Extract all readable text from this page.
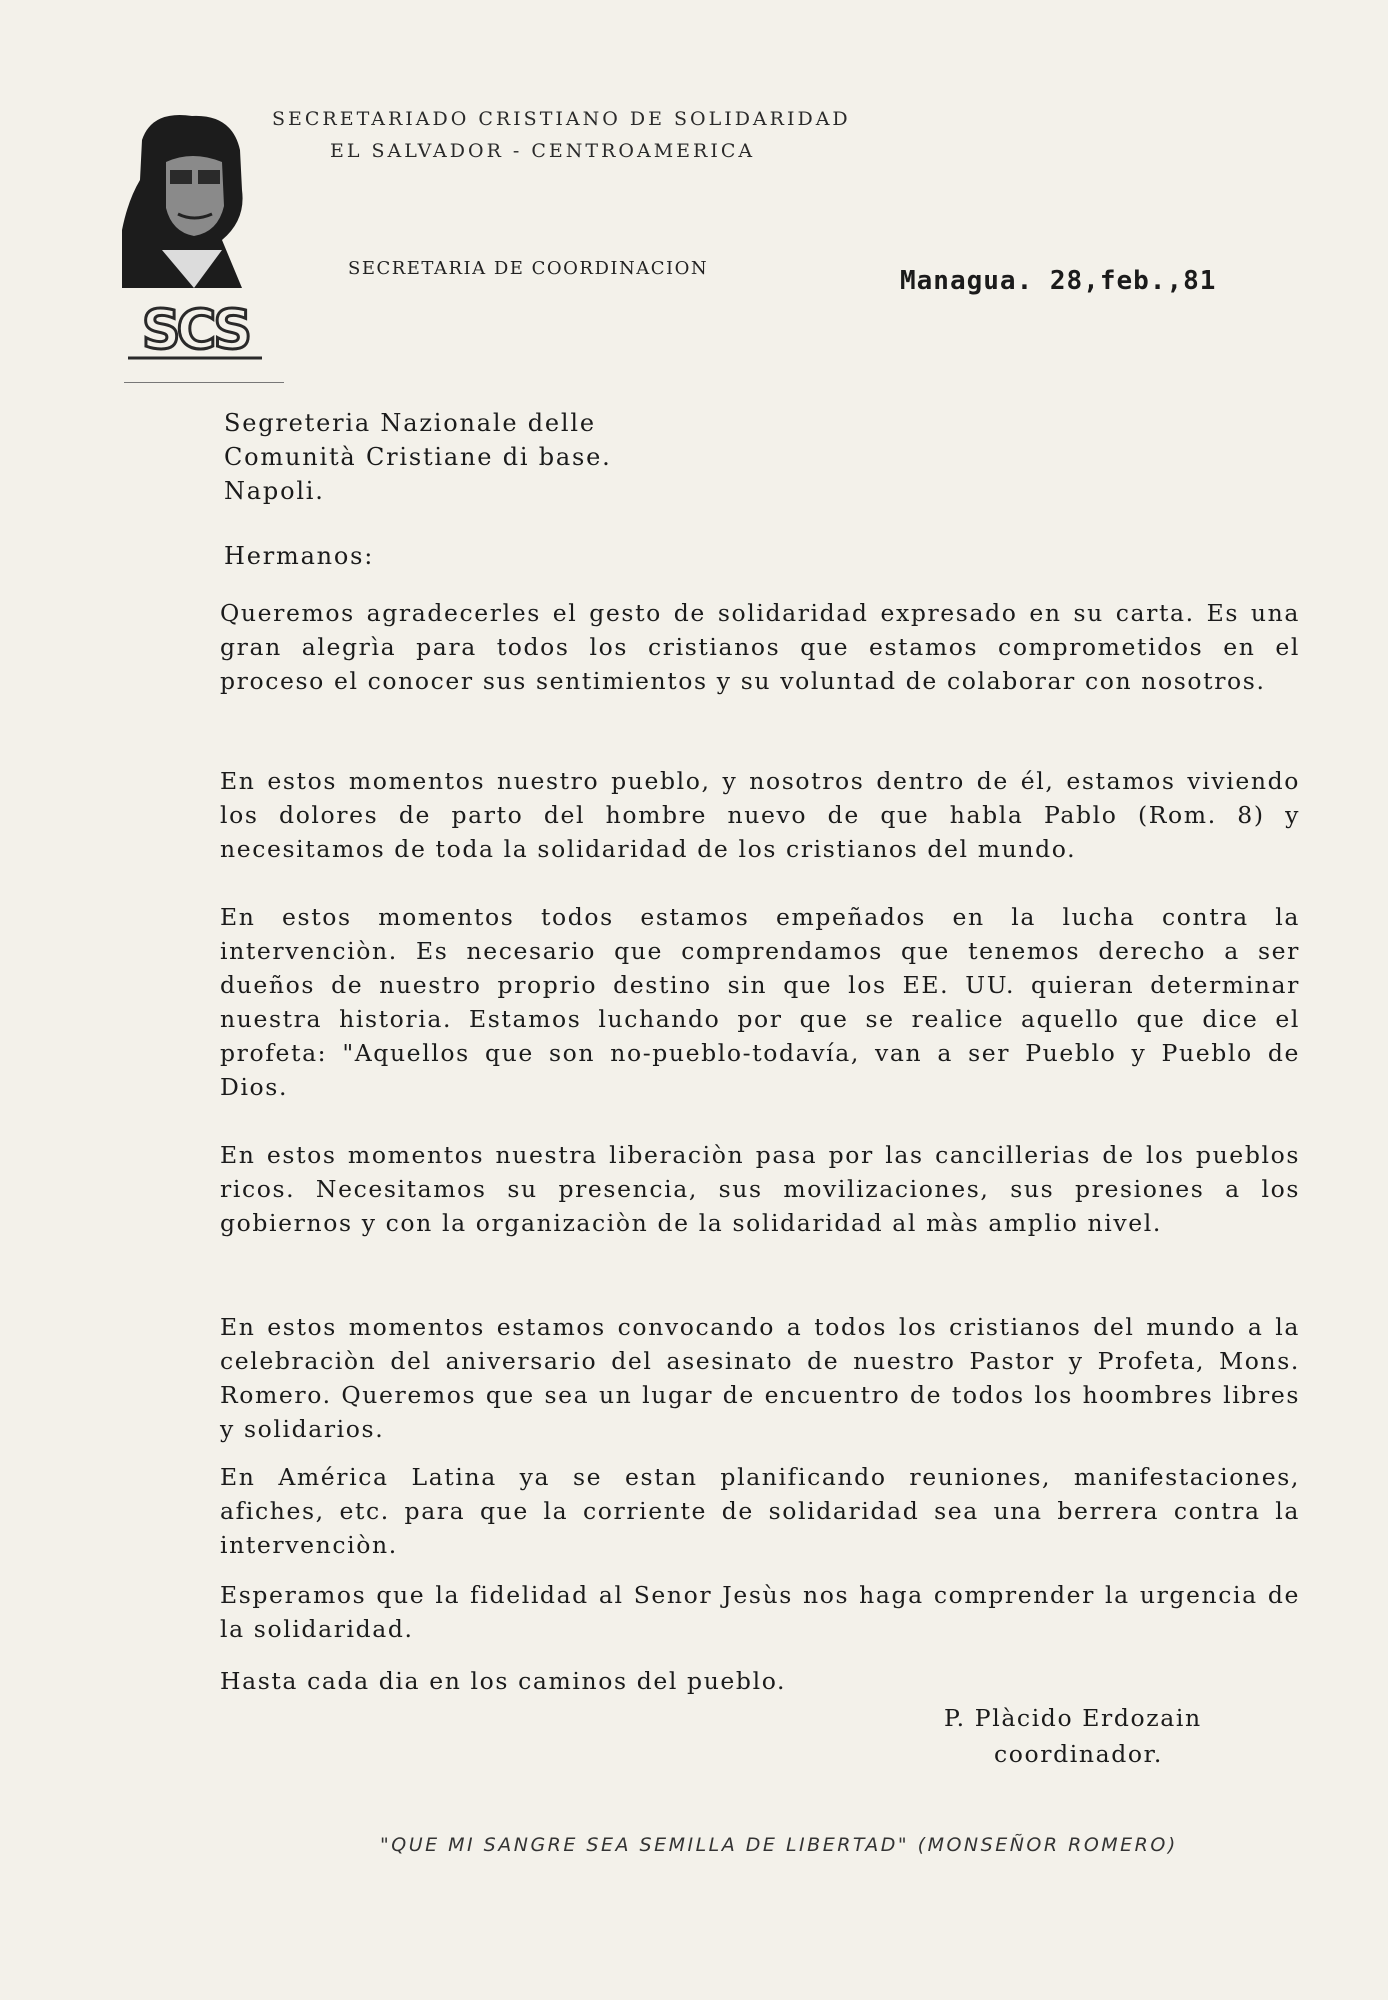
SCS
SECRETARIADO CRISTIANO DE SOLIDARIDAD
EL SALVADOR - CENTROAMERICA
SECRETARIA DE COORDINACION	Managua. 28,feb.,81
Segreteria Nazionale delle
Comunità Cristiane di base.
Napoli.
Hermanos:
Queremos agradecerles el gesto de solidaridad expresado en su carta. Es una gran alegrìa para todos los cristianos que estamos comprometidos en el proceso el conocer sus sentimientos y su voluntad de colaborar con nosotros.
En estos momentos nuestro pueblo, y nosotros dentro de él, estamos viviendo los dolores de parto del hombre nuevo de que habla Pablo (Rom. 8) y necesitamos de toda la solidaridad de los cristianos del mundo.
En estos momentos todos estamos empeñados en la lucha contra la intervenciòn. Es necesario que comprendamos que tenemos derecho a ser dueños de nuestro proprio destino sin que los EE. UU. quieran determinar nuestra historia. Estamos luchando por que se realice aquello que dice el profeta: "Aquellos que son no-pueblo-todavía, van a ser Pueblo y Pueblo de Dios.
En estos momentos nuestra liberaciòn pasa por las cancillerias de los pueblos ricos. Necesitamos su presencia, sus movilizaciones, sus presiones a los gobiernos y con la organizaciòn de la solidaridad al màs amplio nivel.
En estos momentos estamos convocando a todos los cristianos del mundo a la celebraciòn del aniversario del asesinato de nuestro Pastor y Profeta, Mons. Romero. Queremos que sea un lugar de encuentro de todos los hoombres libres y solidarios.
En América Latina ya se estan planificando reuniones, manifestaciones, afiches, etc. para que la corriente de solidaridad sea una berrera contra la intervenciòn.
Esperamos que la fidelidad al Senor Jesùs nos haga comprender la urgencia de la solidaridad.
Hasta cada dia en los caminos del pueblo.
P. Plàcido Erdozain
coordinador.
"QUE MI SANGRE SEA SEMILLA DE LIBERTAD" (MONSEÑOR ROMERO)
